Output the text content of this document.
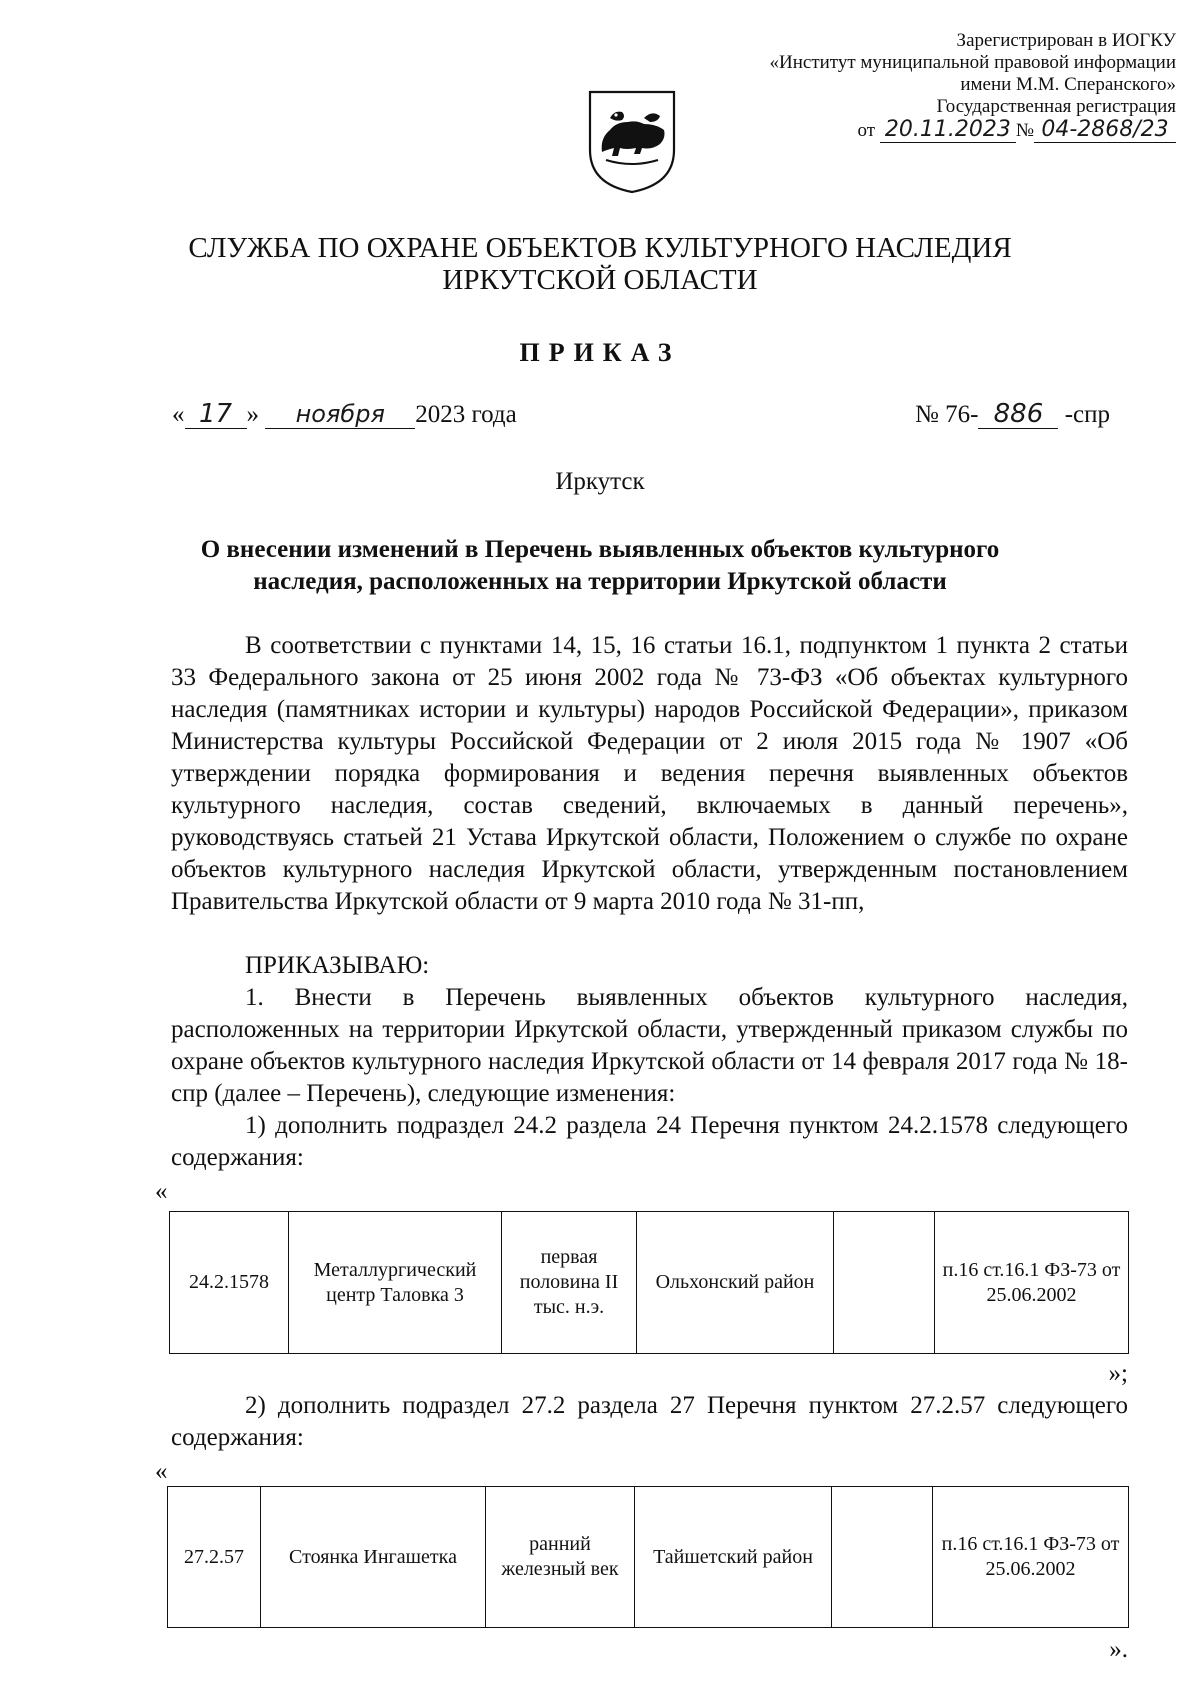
Зарегистрирован в ИОГКУ
«Институт муниципальной правовой информации
имени М.М. Сперанского»
Государственная регистрация
от 20.11.2023 № 04-2868/23
СЛУЖБА ПО ОХРАНЕ ОБЪЕКТОВ КУЛЬТУРНОГО НАСЛЕДИЯ
ИРКУТСКОЙ ОБЛАСТИ
ПРИКАЗ
« 17 » ноября 2023 года	№ 76- 886 -спр
Иркутск
О внесении изменений в Перечень выявленных объектов культурного
наследия, расположенных на территории Иркутской области
В соответствии с пунктами 14, 15, 16 статьи 16.1, подпунктом 1 пункта 2 статьи 33 Федерального закона от 25 июня 2002 года № 73-ФЗ «Об объектах культурного наследия (памятниках истории и культуры) народов Российской Федерации», приказом Министерства культуры Российской Федерации от 2 июля 2015 года № 1907 «Об утверждении порядка формирования и ведения перечня выявленных объектов культурного наследия, состав сведений, включаемых в данный перечень», руководствуясь статьей 21 Устава Иркутской области, Положением о службе по охране объектов культурного наследия Иркутской области, утвержденным постановлением Правительства Иркутской области от 9 марта 2010 года № 31-пп,
ПРИКАЗЫВАЮ:
1. Внести в Перечень выявленных объектов культурного наследия, расположенных на территории Иркутской области, утвержденный приказом службы по охране объектов культурного наследия Иркутской области от 14 февраля 2017 года № 18-спр (далее – Перечень), следующие изменения:
1) дополнить подраздел 24.2 раздела 24 Перечня пунктом 24.2.1578 следующего содержания:
«
24.2.1578	Металлургический центр Таловка 3	первая половина II тыс. н.э.	Ольхонский район		п.16 ст.16.1 ФЗ-73 от 25.06.2002
»;
2) дополнить подраздел 27.2 раздела 27 Перечня пунктом 27.2.57 следующего содержания:
«
27.2.57	Стоянка Ингашетка	ранний железный век	Тайшетский район		п.16 ст.16.1 ФЗ-73 от 25.06.2002
».
